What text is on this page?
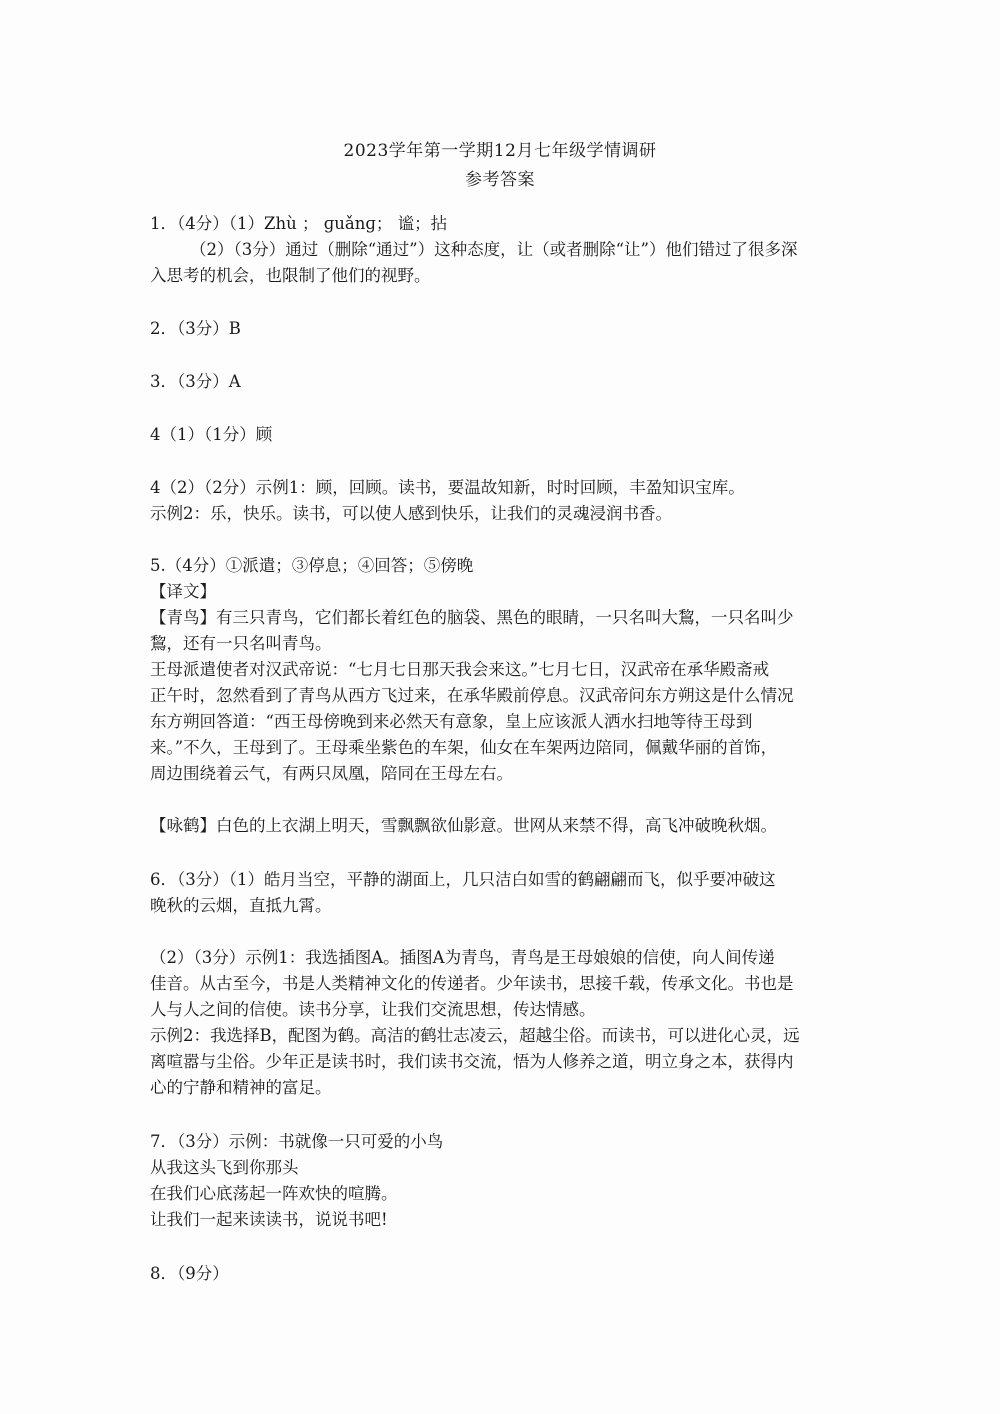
2023学年第一学期12月七年级学情调研
参考答案
1．（4分）（1）Zhù ； ɡuǎnɡ； 谧；拈
（2）（3分）通过（删除“通过”）这种态度，让（或者删除“让”）他们错过了很多深
入思考的机会，也限制了他们的视野。
2．（3分）B
3．（3分）A
4（1）（1分）顾
4（2）（2分）示例1：顾，回顾。读书，要温故知新，时时回顾，丰盈知识宝库。
示例2：乐，快乐。读书，可以使人感到快乐，让我们的灵魂浸润书香。
5.（4分）①派遣；③停息；④回答；⑤傍晚
【译文】
【青鸟】有三只青鸟，它们都长着红色的脑袋、黑色的眼睛，一只名叫大鵹，一只名叫少
鵹，还有一只名叫青鸟。
王母派遣使者对汉武帝说：“七月七日那天我会来这。”七月七日，汉武帝在承华殿斋戒
正午时，忽然看到了青鸟从西方飞过来，在承华殿前停息。汉武帝问东方朔这是什么情况
东方朔回答道：“西王母傍晚到来必然天有意象，皇上应该派人洒水扫地等待王母到
来。”不久，王母到了。王母乘坐紫色的车架，仙女在车架两边陪同，佩戴华丽的首饰，
周边围绕着云气，有两只凤凰，陪同在王母左右。
【咏鹤】白色的上衣湖上明天，雪飘飘欲仙影意。世网从来禁不得，高飞冲破晚秋烟。
6．（3分）（1）皓月当空，平静的湖面上，几只洁白如雪的鹤翩翩而飞，似乎要冲破这
晚秋的云烟，直抵九霄。
（2）（3分）示例1：我选插图A。插图A为青鸟，青鸟是王母娘娘的信使，向人间传递
佳音。从古至今，书是人类精神文化的传递者。少年读书，思接千载，传承文化。书也是
人与人之间的信使。读书分享，让我们交流思想，传达情感。
示例2：我选择B，配图为鹤。高洁的鹤壮志凌云，超越尘俗。而读书，可以进化心灵，远
离喧嚣与尘俗。少年正是读书时，我们读书交流，悟为人修养之道，明立身之本，获得内
心的宁静和精神的富足。
7．（3分）示例：书就像一只可爱的小鸟
从我这头飞到你那头
在我们心底荡起一阵欢快的喧腾。
让我们一起来读读书，说说书吧!
8．（9分）
